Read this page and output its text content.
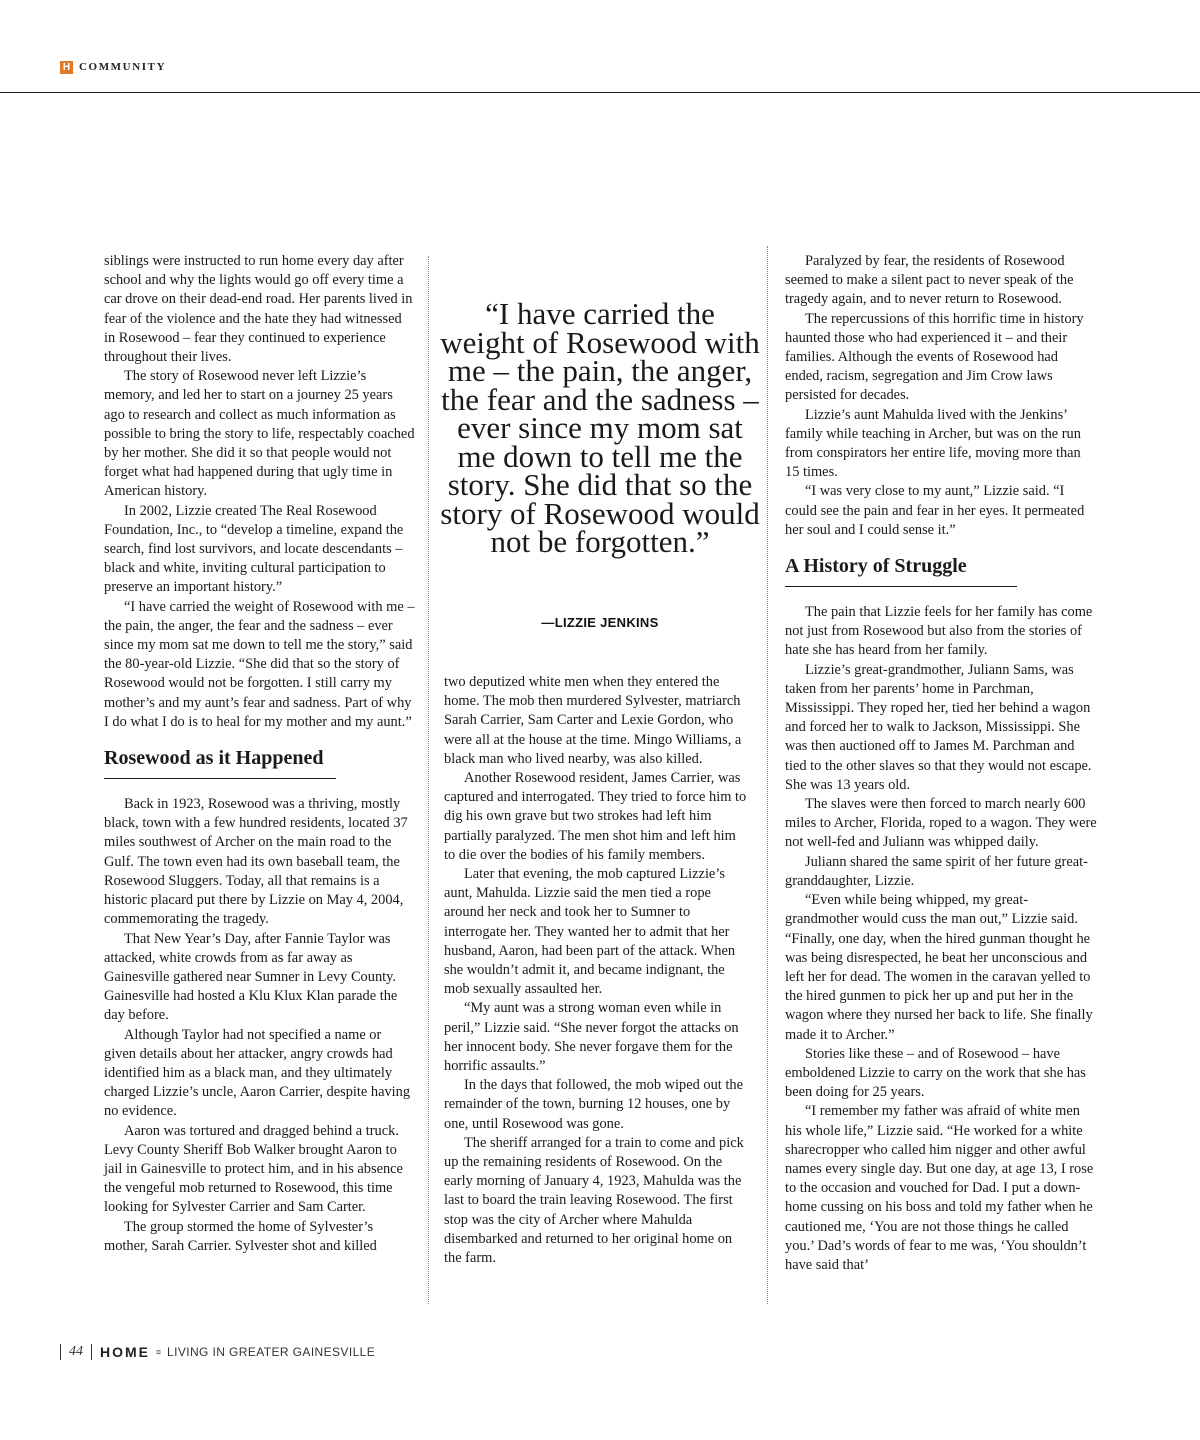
H COMMUNITY

siblings were instructed to run home every day after school and why the lights would go off every time a car drove on their dead-end road. Her parents lived in fear of the violence and the hate they had witnessed in Rosewood – fear they continued to experience throughout their lives.

The story of Rosewood never left Lizzie’s memory, and led her to start on a journey 25 years ago to research and collect as much information as possible to bring the story to life, respectably coached by her mother. She did it so that people would not forget what had happened during that ugly time in American history.

In 2002, Lizzie created The Real Rosewood Foundation, Inc., to “develop a timeline, expand the search, find lost survivors, and locate descendants – black and white, inviting cultural participation to preserve an important history.”

“I have carried the weight of Rosewood with me – the pain, the anger, the fear and the sadness – ever since my mom sat me down to tell me the story,” said the 80-year-old Lizzie. “She did that so the story of Rosewood would not be forgotten. I still carry my mother’s and my aunt’s fear and sadness. Part of why I do what I do is to heal for my mother and my aunt.”

Rosewood as it Happened

Back in 1923, Rosewood was a thriving, mostly black, town with a few hundred residents, located 37 miles southwest of Archer on the main road to the Gulf. The town even had its own baseball team, the Rosewood Sluggers. Today, all that remains is a historic placard put there by Lizzie on May 4, 2004, commemorating the tragedy.

That New Year’s Day, after Fannie Taylor was attacked, white crowds from as far away as Gainesville gathered near Sumner in Levy County. Gainesville had hosted a Klu Klux Klan parade the day before.

Although Taylor had not specified a name or given details about her attacker, angry crowds had identified him as a black man, and they ultimately charged Lizzie’s uncle, Aaron Carrier, despite having no evidence.

Aaron was tortured and dragged behind a truck. Levy County Sheriff Bob Walker brought Aaron to jail in Gainesville to protect him, and in his absence the vengeful mob returned to Rosewood, this time looking for Sylvester Carrier and Sam Carter.

The group stormed the home of Sylvester’s mother, Sarah Carrier. Sylvester shot and killed

“I have carried the weight of Rosewood with me – the pain, the anger, the fear and the sadness – ever since my mom sat me down to tell me the story. She did that so the story of Rosewood would not be forgotten.”
—LIZZIE JENKINS

two deputized white men when they entered the home. The mob then murdered Sylvester, matriarch Sarah Carrier, Sam Carter and Lexie Gordon, who were all at the house at the time. Mingo Williams, a black man who lived nearby, was also killed.

Another Rosewood resident, James Carrier, was captured and interrogated. They tried to force him to dig his own grave but two strokes had left him partially paralyzed. The men shot him and left him to die over the bodies of his family members.

Later that evening, the mob captured Lizzie’s aunt, Mahulda. Lizzie said the men tied a rope around her neck and took her to Sumner to interrogate her. They wanted her to admit that her husband, Aaron, had been part of the attack. When she wouldn’t admit it, and became indignant, the mob sexually assaulted her.

“My aunt was a strong woman even while in peril,” Lizzie said. “She never forgot the attacks on her innocent body. She never forgave them for the horrific assaults.”

In the days that followed, the mob wiped out the remainder of the town, burning 12 houses, one by one, until Rosewood was gone.

The sheriff arranged for a train to come and pick up the remaining residents of Rosewood. On the early morning of January 4, 1923, Mahulda was the last to board the train leaving Rosewood. The first stop was the city of Archer where Mahulda disembarked and returned to her original home on the farm.

Paralyzed by fear, the residents of Rosewood seemed to make a silent pact to never speak of the tragedy again, and to never return to Rosewood.

The repercussions of this horrific time in history haunted those who had experienced it – and their families. Although the events of Rosewood had ended, racism, segregation and Jim Crow laws persisted for decades.

Lizzie’s aunt Mahulda lived with the Jenkins’ family while teaching in Archer, but was on the run from conspirators her entire life, moving more than 15 times.

“I was very close to my aunt,” Lizzie said. “I could see the pain and fear in her eyes. It permeated her soul and I could sense it.”

A History of Struggle

The pain that Lizzie feels for her family has come not just from Rosewood but also from the stories of hate she has heard from her family.

Lizzie’s great-grandmother, Juliann Sams, was taken from her parents’ home in Parchman, Mississippi. They roped her, tied her behind a wagon and forced her to walk to Jackson, Mississippi. She was then auctioned off to James M. Parchman and tied to the other slaves so that they would not escape. She was 13 years old.

The slaves were then forced to march nearly 600 miles to Archer, Florida, roped to a wagon. They were not well-fed and Juliann was whipped daily.

Juliann shared the same spirit of her future great-granddaughter, Lizzie.

“Even while being whipped, my great-grandmother would cuss the man out,” Lizzie said. “Finally, one day, when the hired gunman thought he was being disrespected, he beat her unconscious and left her for dead. The women in the caravan yelled to the hired gunmen to pick her up and put her in the wagon where they nursed her back to life. She finally made it to Archer.”

Stories like these – and of Rosewood – have emboldened Lizzie to carry on the work that she has been doing for 25 years.

“I remember my father was afraid of white men his whole life,” Lizzie said. “He worked for a white sharecropper who called him nigger and other awful names every single day. But one day, at age 13, I rose to the occasion and vouched for Dad. I put a down-home cussing on his boss and told my father when he cautioned me, ‘You are not those things he called you.’ Dad’s words of fear to me was, ‘You shouldn’t have said that’

44 HOME ¤ LIVING IN GREATER GAINESVILLE
